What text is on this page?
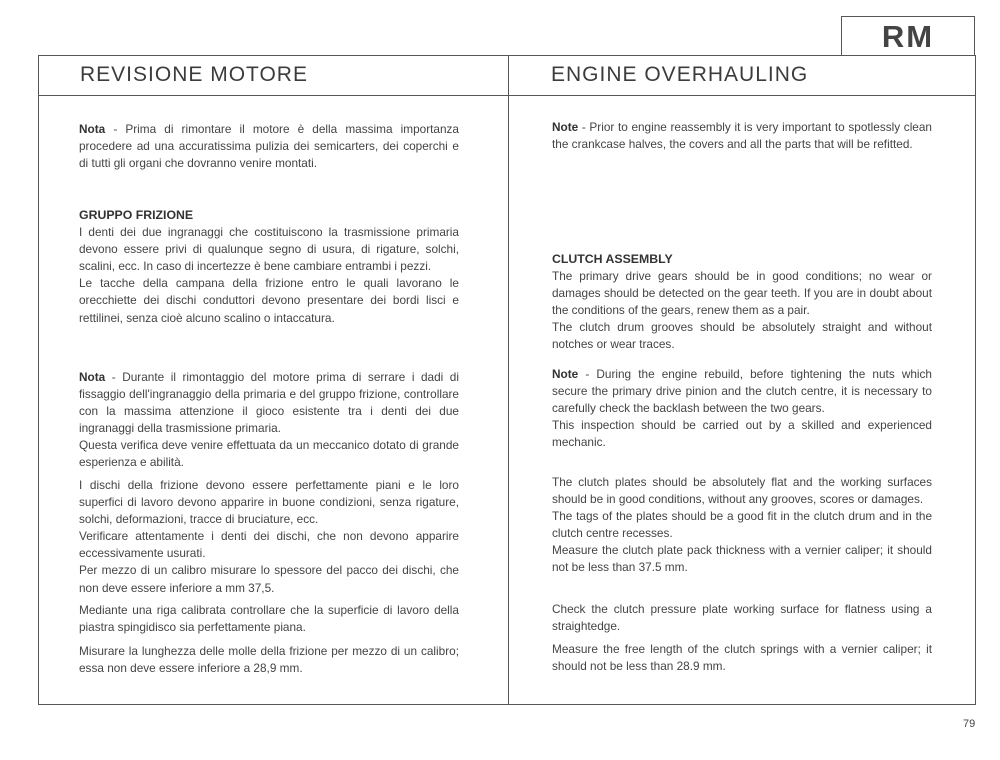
RM
REVISIONE MOTORE	ENGINE OVERHAULING

Nota - Prima di rimontare il motore è della massima importanza procedere ad una accuratissima pulizia dei semicarters, dei coperchi e di tutti gli organi che dovranno venire montati.

GRUPPO FRIZIONE

I denti dei due ingranaggi che costituiscono la trasmissione primaria devono essere privi di qualunque segno di usura, di rigature, solchi, scalini, ecc. In caso di incertezze è bene cambiare entrambi i pezzi.

Le tacche della campana della frizione entro le quali lavorano le orecchiette dei dischi conduttori devono presentare dei bordi lisci e rettilinei, senza cioè alcuno scalino o intaccatura.

Nota - Durante il rimontaggio del motore prima di serrare i dadi di fissaggio dell'ingranaggio della primaria e del gruppo frizione, controllare con la massima attenzione il gioco esistente tra i denti dei due ingranaggi della trasmissione primaria.

Questa verifica deve venire effettuata da un meccanico dotato di grande esperienza e abilità.

I dischi della frizione devono essere perfettamente piani e le loro superfici di lavoro devono apparire in buone condizioni, senza rigature, solchi, deformazioni, tracce di bruciature, ecc.

Verificare attentamente i denti dei dischi, che non devono apparire eccessivamente usurati.

Per mezzo di un calibro misurare lo spessore del pacco dei dischi, che non deve essere inferiore a mm 37,5.

Mediante una riga calibrata controllare che la superficie di lavoro della piastra spingidisco sia perfettamente piana.

Misurare la lunghezza delle molle della frizione per mezzo di un calibro; essa non deve essere inferiore a 28,9 mm.

Note - Prior to engine reassembly it is very important to spotlessly clean the crankcase halves, the covers and all the parts that will be refitted.

CLUTCH ASSEMBLY

The primary drive gears should be in good conditions; no wear or damages should be detected on the gear teeth. If you are in doubt about the conditions of the gears, renew them as a pair.

The clutch drum grooves should be absolutely straight and without notches or wear traces.

Note - During the engine rebuild, before tightening the nuts which secure the primary drive pinion and the clutch centre, it is necessary to carefully check the backlash between the two gears.

This inspection should be carried out by a skilled and experienced mechanic.

The clutch plates should be absolutely flat and the working surfaces should be in good conditions, without any grooves, scores or damages.

The tags of the plates should be a good fit in the clutch drum and in the clutch centre recesses.

Measure the clutch plate pack thickness with a vernier caliper; it should not be less than 37.5 mm.

Check the clutch pressure plate working surface for flatness using a straightedge.

Measure the free length of the clutch springs with a vernier caliper; it should not be less than 28.9 mm.

79
